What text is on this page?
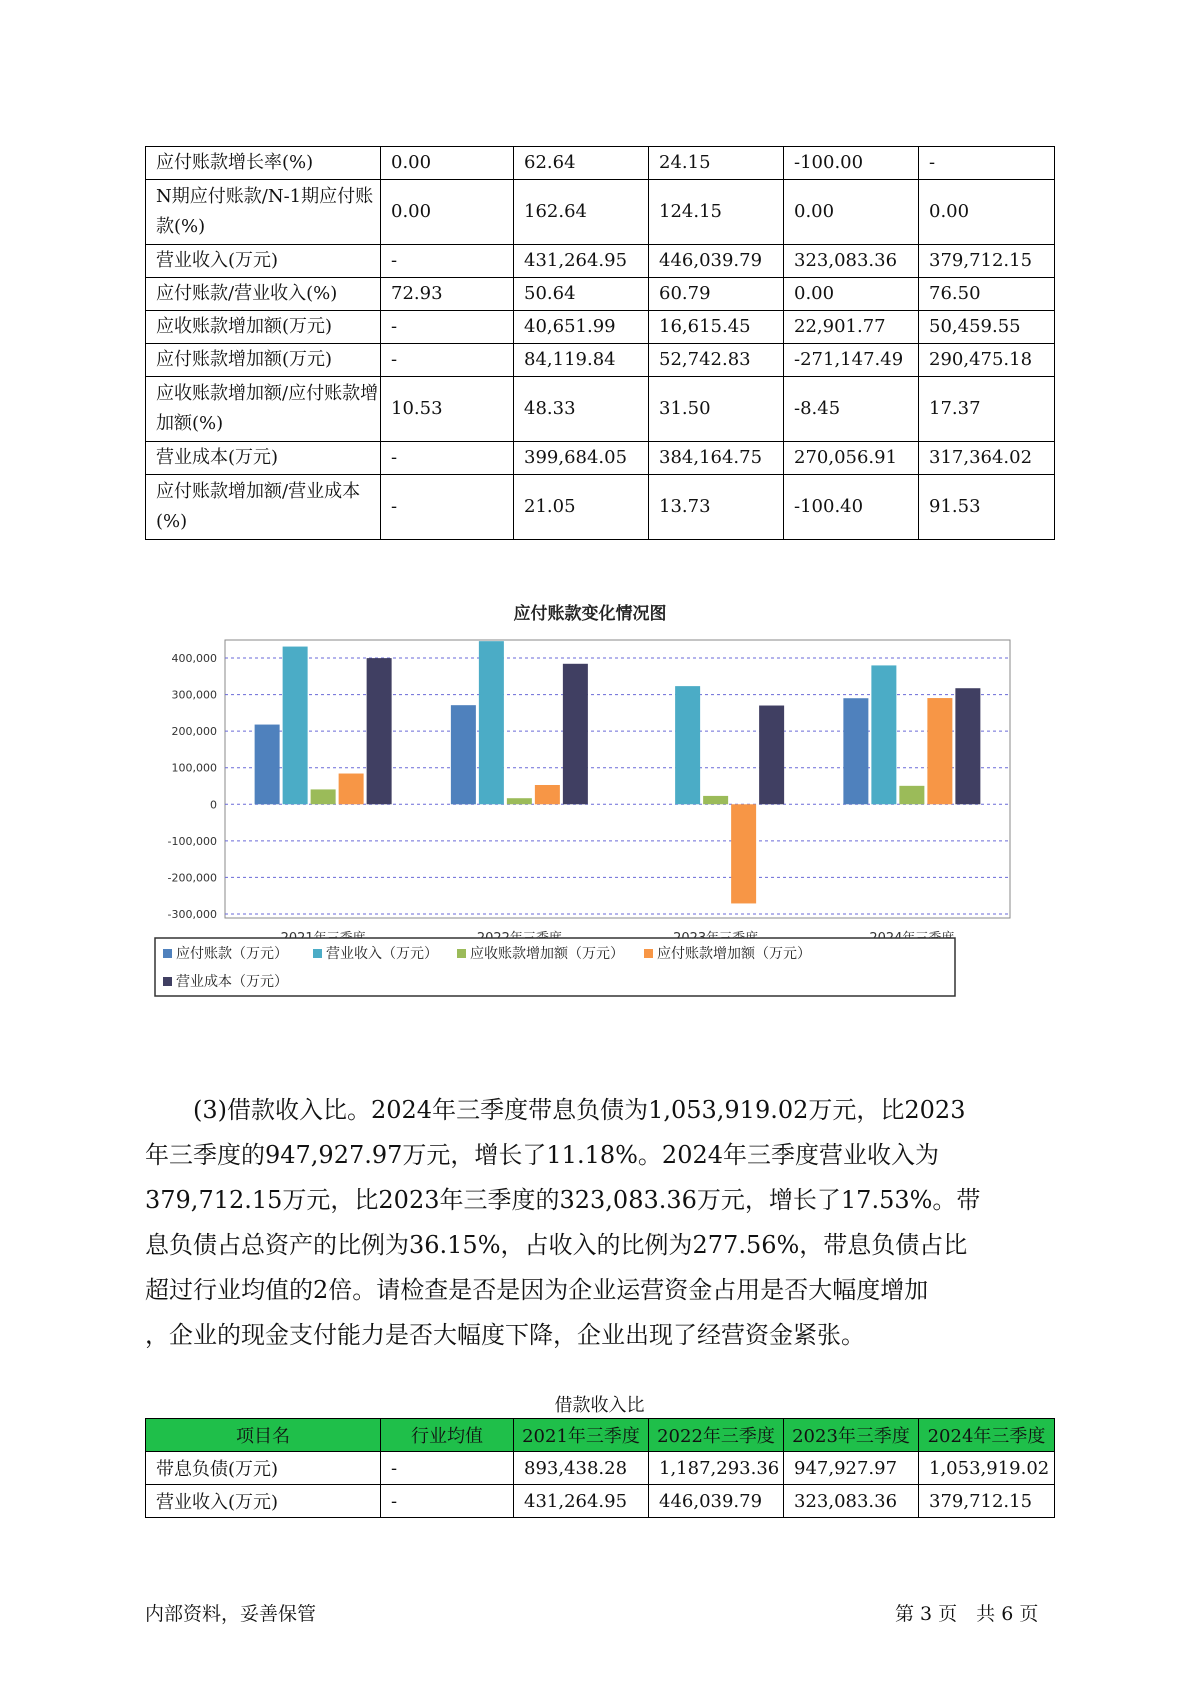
应付账款增长率(%)	0.00	62.64	24.15	-100.00	-
N期应付账款/N-1期应付账款(%)	0.00	162.64	124.15	0.00	0.00
营业收入(万元)	-	431,264.95	446,039.79	323,083.36	379,712.15
应付账款/营业收入(%)	72.93	50.64	60.79	0.00	76.50
应收账款增加额(万元)	-	40,651.99	16,615.45	22,901.77	50,459.55
应付账款增加额(万元)	-	84,119.84	52,742.83	-271,147.49	290,475.18
应收账款增加额/应付账款增加额(%)	10.53	48.33	31.50	-8.45	17.37
营业成本(万元)	-	399,684.05	384,164.75	270,056.91	317,364.02
应付账款增加额/营业成本(%)	-	21.05	13.73	-100.40	91.53
应付账款变化情况图
400,000
300,000
200,000
100,000
0
-100,000
-200,000
-300,000
应付账款（万元）	营业收入（万元） 应收账款增加额（万元） 应付账款增加额（万元）
营业成本（万元）

　　(3)借款收入比。2024年三季度带息负债为1,053,919.02万元，比2023

年三季度的947,927.97万元，增长了11.18%。2024年三季度营业收入为

379,712.15万元，比2023年三季度的323,083.36万元，增长了17.53%。带

息负债占总资产的比例为36.15%，占收入的比例为277.56%，带息负债占比

超过行业均值的2倍。请检查是否是因为企业运营资金占用是否大幅度增加

，企业的现金支付能力是否大幅度下降，企业出现了经营资金紧张。

借款收入比
项目名	行业均值	2021年三季度	2022年三季度	2023年三季度	2024年三季度
带息负债(万元)	-	893,438.28	1,187,293.36	947,927.97	1,053,919.02
营业收入(万元)	-	431,264.95	446,039.79	323,083.36	379,712.15
内部资料，妥善保管	第 3 页　共 6 页
